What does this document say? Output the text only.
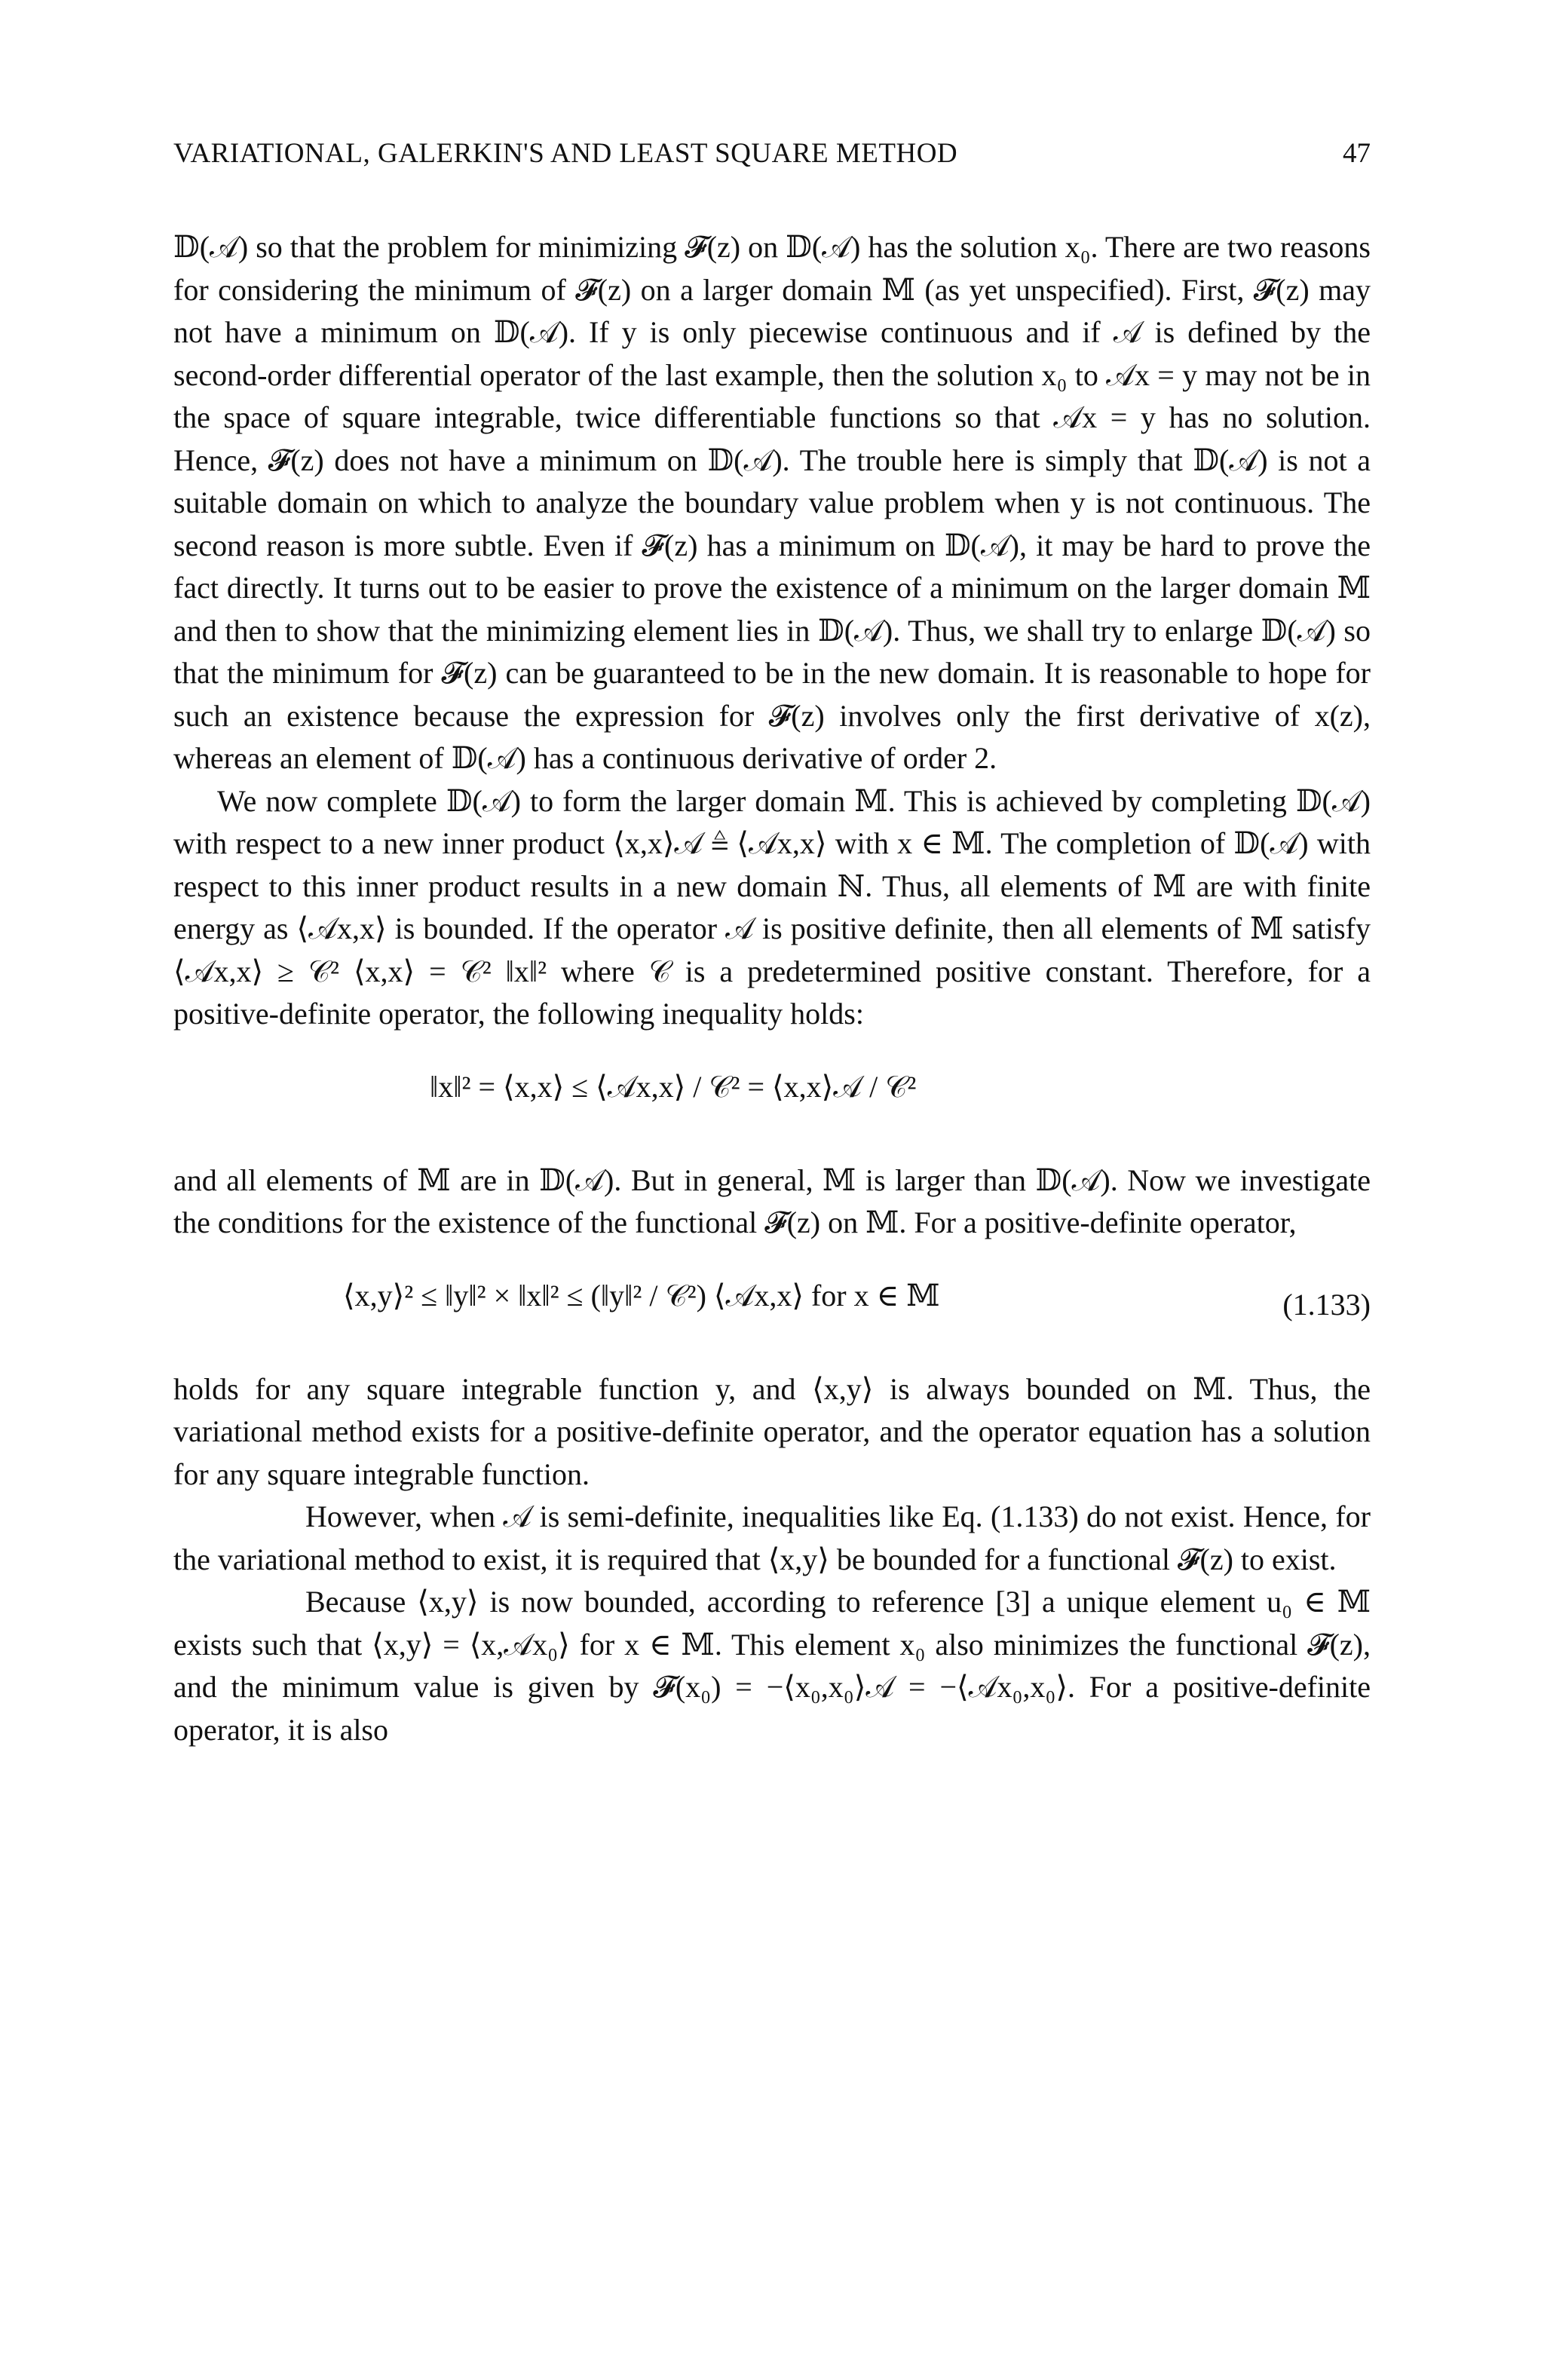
VARIATIONAL, GALERKIN'S AND LEAST SQUARE METHOD	47

𝔻(𝒜) so that the problem for minimizing 𝓕(z) on 𝔻(𝒜) has the solution x₀. There are two reasons for considering the minimum of 𝓕(z) on a larger domain 𝕄 (as yet unspecified). First, 𝓕(z) may not have a minimum on 𝔻(𝒜). If y is only piecewise continuous and if 𝒜 is defined by the second-order differential operator of the last example, then the solution x₀ to 𝒜x = y may not be in the space of square integrable, twice differentiable functions so that 𝒜x = y has no solution. Hence, 𝓕(z) does not have a minimum on 𝔻(𝒜). The trouble here is simply that 𝔻(𝒜) is not a suitable domain on which to analyze the boundary value problem when y is not continuous. The second reason is more subtle. Even if 𝓕(z) has a minimum on 𝔻(𝒜), it may be hard to prove the fact directly. It turns out to be easier to prove the existence of a minimum on the larger domain 𝕄 and then to show that the minimizing element lies in 𝔻(𝒜). Thus, we shall try to enlarge 𝔻(𝒜) so that the minimum for 𝓕(z) can be guaranteed to be in the new domain. It is reasonable to hope for such an existence because the expression for 𝓕(z) involves only the first derivative of x(z), whereas an element of 𝔻(𝒜) has a continuous derivative of order 2.

We now complete 𝔻(𝒜) to form the larger domain 𝕄. This is achieved by completing 𝔻(𝒜) with respect to a new inner product ⟨x,x⟩𝒜 ≜ ⟨𝒜x,x⟩ with x ∈ 𝕄. The completion of 𝔻(𝒜) with respect to this inner product results in a new domain ℕ. Thus, all elements of 𝕄 are with finite energy as ⟨𝒜x,x⟩ is bounded. If the operator 𝒜 is positive definite, then all elements of 𝕄 satisfy ⟨𝒜x,x⟩ ≥ 𝒞² ⟨x,x⟩ = 𝒞² ‖x‖² where 𝒞 is a predetermined positive constant. Therefore, for a positive-definite operator, the following inequality holds:

‖x‖² = ⟨x,x⟩ ≤ ⟨𝒜x,x⟩ / 𝒞² = ⟨x,x⟩𝒜 / 𝒞²

and all elements of 𝕄 are in 𝔻(𝒜). But in general, 𝕄 is larger than 𝔻(𝒜). Now we investigate the conditions for the existence of the functional 𝓕(z) on 𝕄. For a positive-definite operator,

⟨x,y⟩² ≤ ‖y‖² × ‖x‖² ≤ (‖y‖² / 𝒞²) ⟨𝒜x,x⟩ for x ∈ 𝕄	(1.133)

holds for any square integrable function y, and ⟨x,y⟩ is always bounded on 𝕄. Thus, the variational method exists for a positive-definite operator, and the operator equation has a solution for any square integrable function.

However, when 𝒜 is semi-definite, inequalities like Eq. (1.133) do not exist. Hence, for the variational method to exist, it is required that ⟨x,y⟩ be bounded for a functional 𝓕(z) to exist.

Because ⟨x,y⟩ is now bounded, according to reference [3] a unique element u₀ ∈ 𝕄 exists such that ⟨x,y⟩ = ⟨x,𝒜x₀⟩ for x ∈ 𝕄. This element x₀ also minimizes the functional 𝓕(z), and the minimum value is given by 𝓕(x₀) = −⟨x₀,x₀⟩𝒜 = −⟨𝒜x₀,x₀⟩. For a positive-definite operator, it is also
